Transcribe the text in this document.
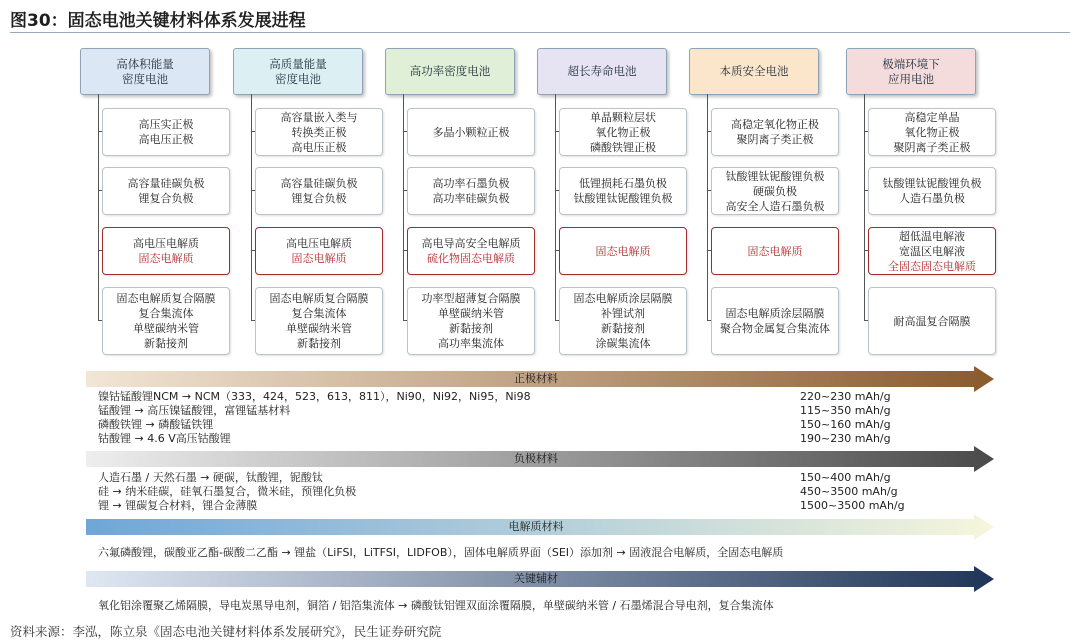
图30：固态电池关键材料体系发展进程
高体积能量
密度电池
高压实正极
高电压正极
高容量硅碳负极
锂复合负极
高电压电解质
固态电解质
固态电解质复合隔膜
复合集流体
单壁碳纳米管
新黏接剂
高质量能量
密度电池
高容量嵌入类与
转换类正极
高电压正极
高容量硅碳负极
锂复合负极
高电压电解质
固态电解质
固态电解质复合隔膜
复合集流体
单壁碳纳米管
新黏接剂
高功率密度电池
多晶小颗粒正极
高功率石墨负极
高功率硅碳负极
高电导高安全电解质
硫化物固态电解质
功率型超薄复合隔膜
单壁碳纳米管
新黏接剂
高功率集流体
超长寿命电池
单晶颗粒层状
氧化物正极
磷酸铁锂正极
低锂损耗石墨负极
钛酸锂钛铌酸锂负极
固态电解质
固态电解质涂层隔膜
补锂试剂
新黏接剂
涂碳集流体
本质安全电池
高稳定氧化物正极
聚阴离子类正极
钛酸锂钛铌酸锂负极
硬碳负极
高安全人造石墨负极
固态电解质
固态电解质涂层隔膜
聚合物金属复合集流体
极端环境下
应用电池
高稳定单晶
氧化物正极
聚阴离子类正极
钛酸锂钛铌酸锂负极
人造石墨负极
超低温电解液
宽温区电解液
全固态固态电解质
耐高温复合隔膜
正极材料
镍钴锰酸锂NCM → NCM（333，424，523，613，811），Ni90，Ni92，Ni95，Ni98	220~230 mAh/g
锰酸锂 → 高压镍锰酸锂，富锂锰基材料	115~350 mAh/g
磷酸铁锂 → 磷酸锰铁锂	150~160 mAh/g
钴酸锂 → 4.6 V高压钴酸锂	190~230 mAh/g
负极材料
人造石墨 / 天然石墨 → 硬碳，钛酸锂，铌酸钛	150~400 mAh/g
硅 → 纳米硅碳，硅氧石墨复合，微米硅，预锂化负极	450~3500 mAh/g
锂 → 锂碳复合材料，锂合金薄膜	1500~3500 mAh/g
电解质材料
六氟磷酸锂，碳酸亚乙酯-碳酸二乙酯 → 锂盐（LiFSI，LiTFSI，LIDFOB），固体电解质界面（SEI）添加剂 → 固液混合电解质，全固态电解质
关键辅材
氧化铝涂覆聚乙烯隔膜，导电炭黑导电剂，铜箔 / 铝箔集流体 → 磷酸钛铝锂双面涂覆隔膜，单壁碳纳米管 / 石墨烯混合导电剂，复合集流体
资料来源：李泓，陈立泉《固态电池关键材料体系发展研究》，民生证券研究院
